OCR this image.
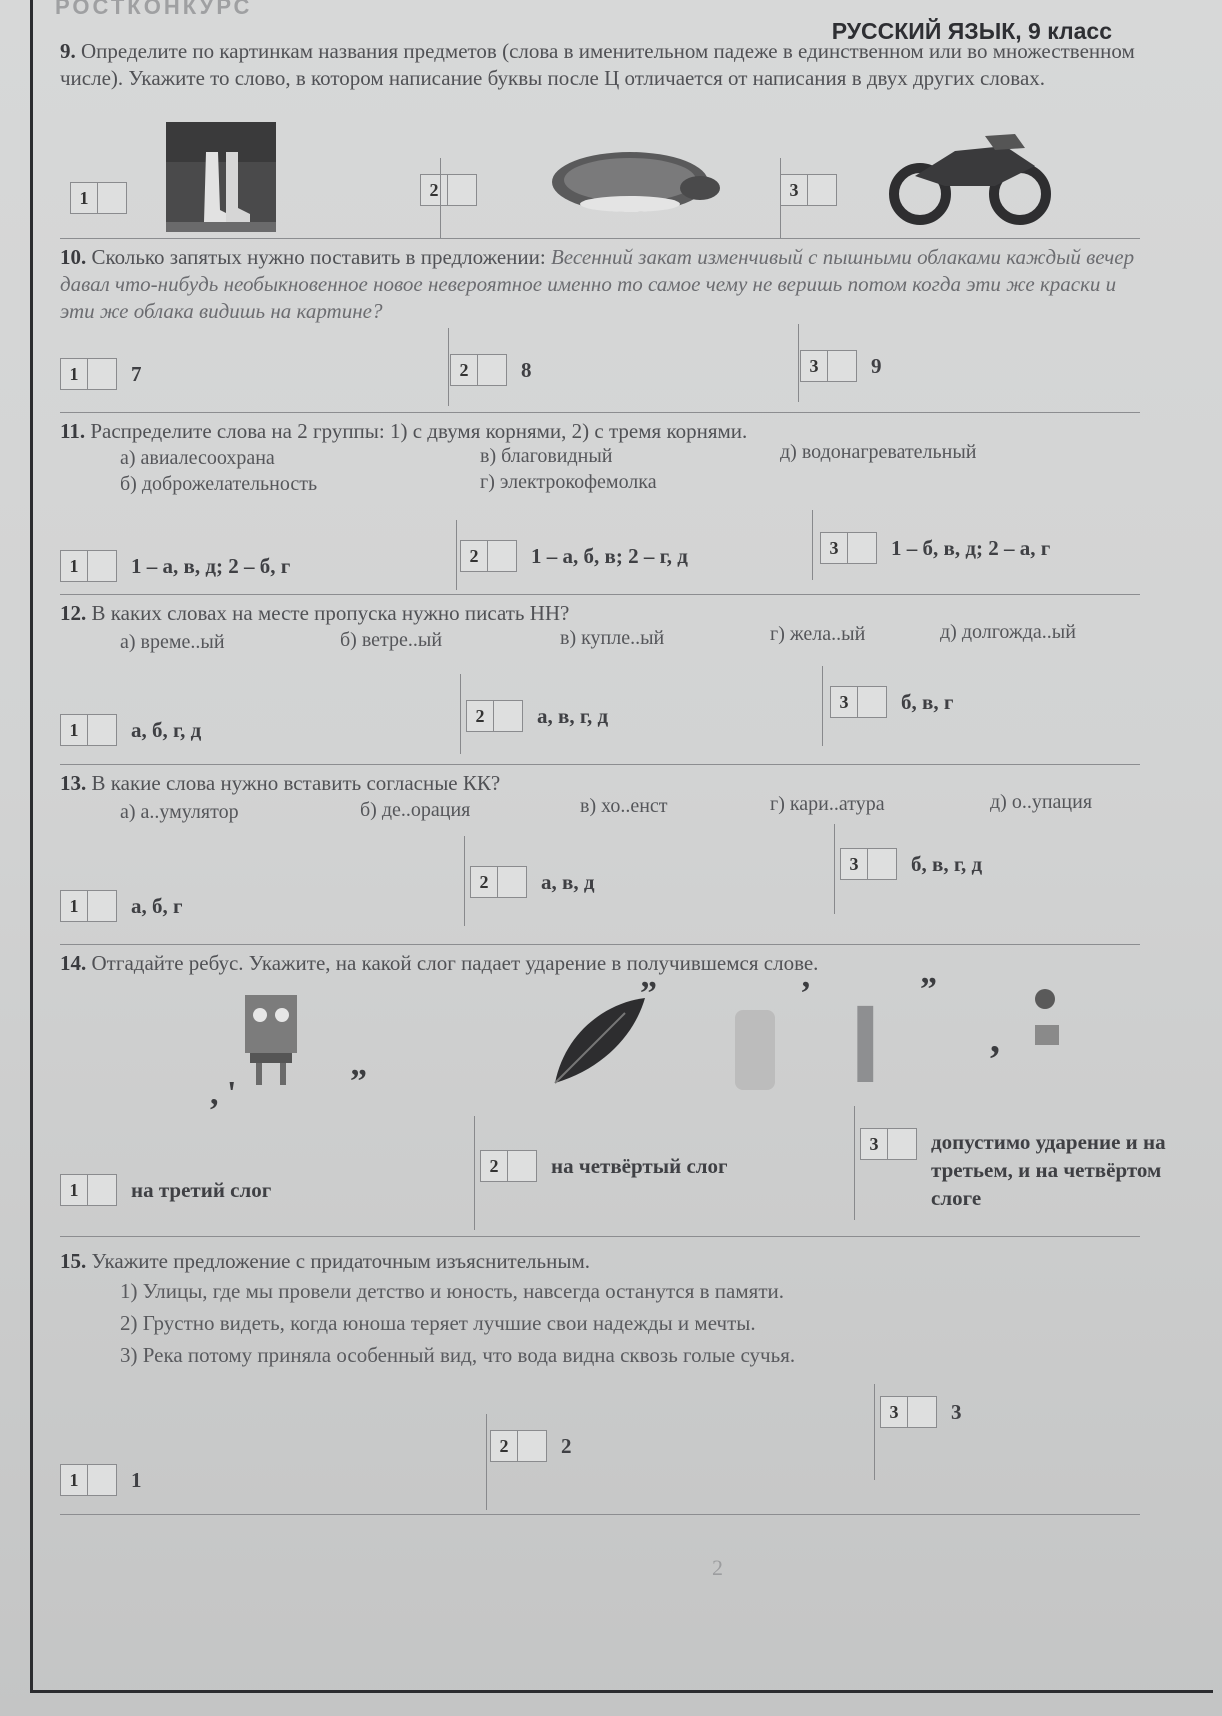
РОСТКОНКУРС
РУССКИЙ ЯЗЫК, 9 класс

9. Определите по картинкам названия предметов (слова в именительном падеже в единственном или во множественном числе). Укажите то слово, в котором написание буквы после Ц отличается от написания в двух других словах.

1	2	3

10. Сколько запятых нужно поставить в предложении: Весенний закат изменчивый с пышными облаками каждый вечер давал что-нибудь необыкновенное новое невероятное именно то самое чему не веришь потом когда эти же краски и эти же облака видишь на картине?

1	7	2	8	3	9

11. Распределите слова на 2 группы: 1) с двумя корнями, 2) с тремя корнями.

а) авиалесоохрана	в) благовидный	д) водонагревательный
б) доброжелательность	г) электрокофемолка
1	1 – а, в, д; 2 – б, г	2	1 – а, б, в; 2 – г, д	3	1 – б, в, д; 2 – а, г

12. В каких словах на месте пропуска нужно писать НН?

а) време..ый	б) ветре..ый	в) купле..ый	г) жела..ый	д) долгожда..ый
1	а, б, г, д
2	а, в, г, д
3	б, в, г

13. В какие слова нужно вставить согласные КК?

а) а..умулятор	б) де..орация	в) хо..енст	г) кари..атура	д) о..упация
1	а, б, г
2	а, в, д
3	б, в, г, д

14. Отгадайте ребус. Укажите, на какой слог падает ударение в получившемся слове.

, '	”
”	’ I ”
,
1	на третий слог
2	на четвёртый слог
3	допустимо ударение и на третьем, и на четвёртом слоге

15. Укажите предложение с придаточным изъяснительным.

1) Улицы, где мы провели детство и юность, навсегда останутся в памяти.
2) Грустно видеть, когда юноша теряет лучшие свои надежды и мечты.
3) Река потому приняла особенный вид, что вода видна сквозь голые сучья.
1	1
2	2
3	3
2
